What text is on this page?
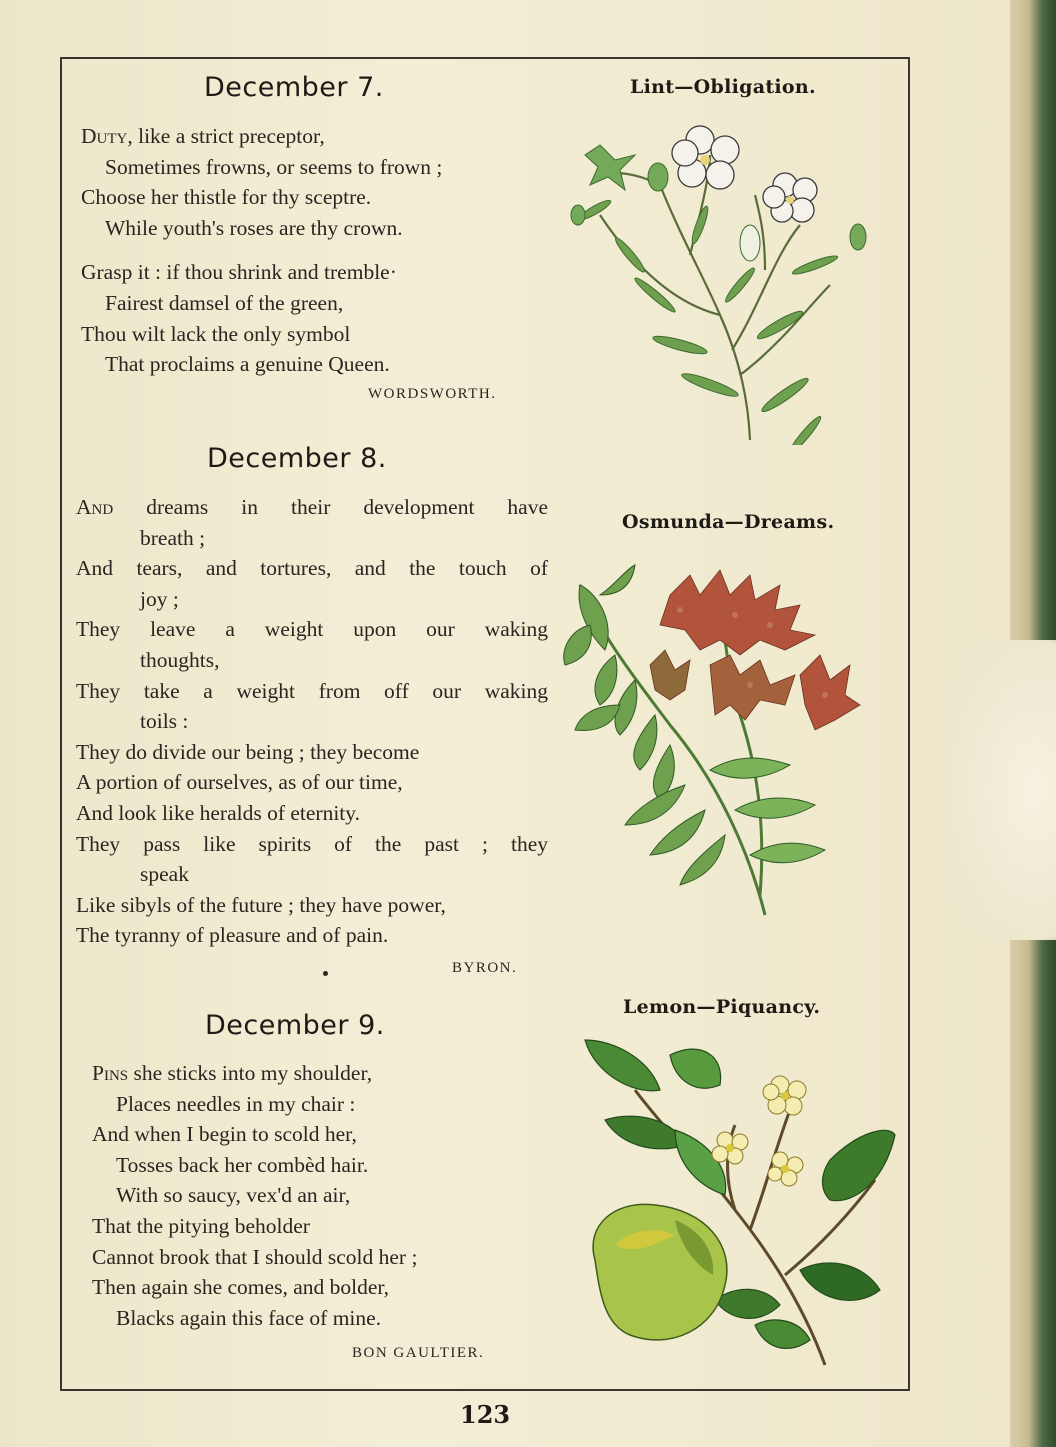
December 7.
Duty, like a strict preceptor,
Sometimes frowns, or seems to frown ;
Choose her thistle for thy sceptre.
While youth's roses are thy crown.
Grasp it : if thou shrink and tremble·
Fairest damsel of the green,
Thou wilt lack the only symbol
That proclaims a genuine Queen.
WORDSWORTH.
Lint—Obligation.
December 8.
And dreams in their development have
breath ;
And tears, and tortures, and the touch of
joy ;
They leave a weight upon our waking
thoughts,
They take a weight from off our waking
toils :
They do divide our being ; they become
A portion of ourselves, as of our time,
And look like heralds of eternity.
They pass like spirits of the past ; they
speak
Like sibyls of the future ; they have power,
The tyranny of pleasure and of pain.
BYRON.
Osmunda—Dreams.
December 9.
Pins she sticks into my shoulder,
Places needles in my chair :
And when I begin to scold her,
Tosses back her combèd hair.
With so saucy, vex'd an air,
That the pitying beholder
Cannot brook that I should scold her ;
Then again she comes, and bolder,
Blacks again this face of mine.
BON GAULTIER.
Lemon—Piquancy.
123
